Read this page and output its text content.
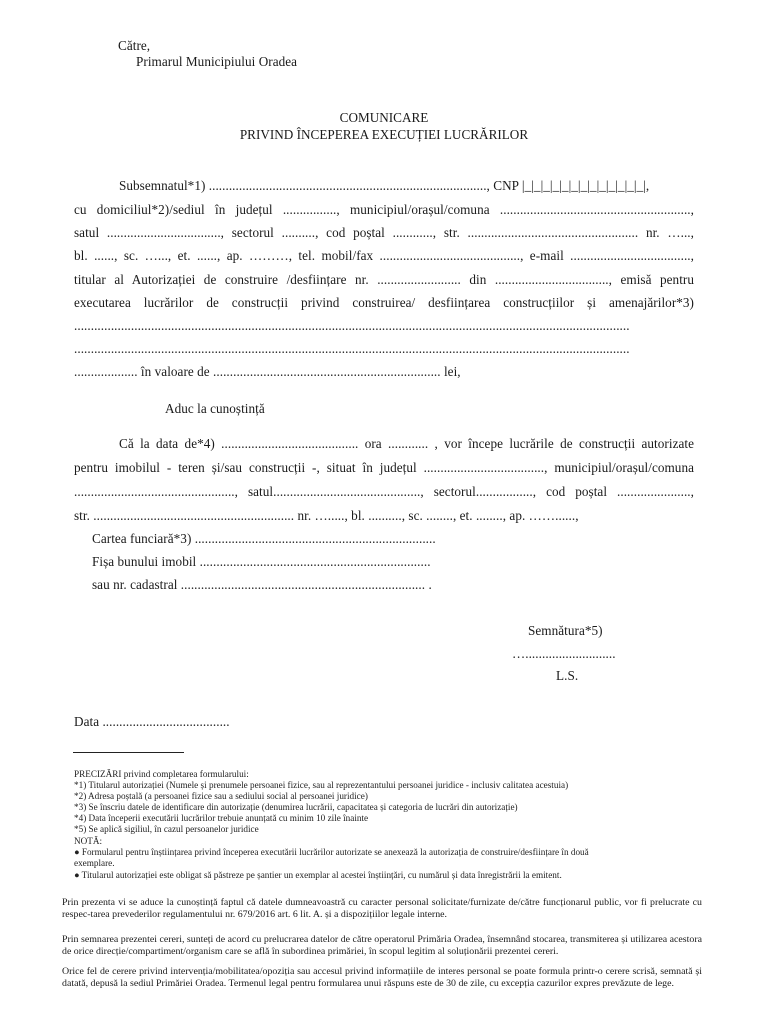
Către,
Primarul Municipiului Oradea
COMUNICARE
PRIVIND ÎNCEPEREA EXECUȚIEI LUCRĂRILOR
Subsemnatul*1) ..................................................................................., CNP |_|_|_|_|_|_|_|_|_|_|_|_|_|,
cu domiciliul*2)/sediul în județul ................, municipiul/orașul/comuna .........................................................,
satul .................................., sectorul .........., cod poștal ............, str. ................................................... nr. …...,
bl. ......, sc. …..., et. ......, ap. ………, tel. mobil/fax .........................................., e-mail ....................................,
titular al Autorizației de construire /desființare nr. ......................... din .................................., emisă pentru
executarea lucrărilor de construcții privind construirea/ desființarea construcțiilor și amenajărilor*3)
......................................................................................................................................................................
......................................................................................................................................................................
................... în valoare de .................................................................... lei,
Aduc la cunoștință
Că la data de*4) ......................................... ora ............ , vor începe lucrările de construcții autorizate
pentru imobilul - teren și/sau construcții -, situat în județul ...................................., municipiul/orașul/comuna
................................................, satul............................................, sectorul................., cod poștal ......................,
str. ............................................................ nr. …....., bl. .........., sc. ........, et. ........, ap. ……......,
Cartea funciară*3) ........................................................................
Fișa bunului imobil .....................................................................
sau nr. cadastral ......................................................................... .
Semnătura*5)
…...........................
L.S.
Data ......................................
PRECIZĂRI privind completarea formularului:
*1) Titularul autorizației (Numele și prenumele persoanei fizice, sau al reprezentantului persoanei juridice - inclusiv calitatea acestuia)
*2) Adresa poștală (a persoanei fizice sau a sediului social al persoanei juridice)
*3) Se înscriu datele de identificare din autorizație (denumirea lucrării, capacitatea și categoria de lucrări din autorizație)
*4) Data începerii executării lucrărilor trebuie anunțată cu minim 10 zile înainte
*5) Se aplică sigiliul, în cazul persoanelor juridice
NOTĂ:
● Formularul pentru înștiințarea privind începerea executării lucrărilor autorizate se anexează la autorizația de construire/desființare în două
exemplare.
● Titularul autorizației este obligat să păstreze pe șantier un exemplar al acestei înștiințări, cu numărul și data înregistrării la emitent.
Prin prezenta vi se aduce la cunoștință faptul că datele dumneavoastră cu caracter personal solicitate/furnizate de/către funcționarul public, vor fi prelucrate cu respec-tarea prevederilor regulamentului nr. 679/2016 art. 6 lit. A. și a dispozițiilor legale interne.
Prin semnarea prezentei cereri, sunteți de acord cu prelucrarea datelor de către operatorul Primăria Oradea, însemnând stocarea, transmiterea și utilizarea acestora de orice direcție/compartiment/organism care se află în subordinea primăriei, în scopul legitim al soluționării prezentei cereri.
Orice fel de cerere privind intervenția/mobilitatea/opoziția sau accesul privind informațiile de interes personal se poate formula printr-o cerere scrisă, semnată și datată, depusă la sediul Primăriei Oradea. Termenul legal pentru formularea unui răspuns este de 30 de zile, cu excepția cazurilor expres prevăzute de lege.
